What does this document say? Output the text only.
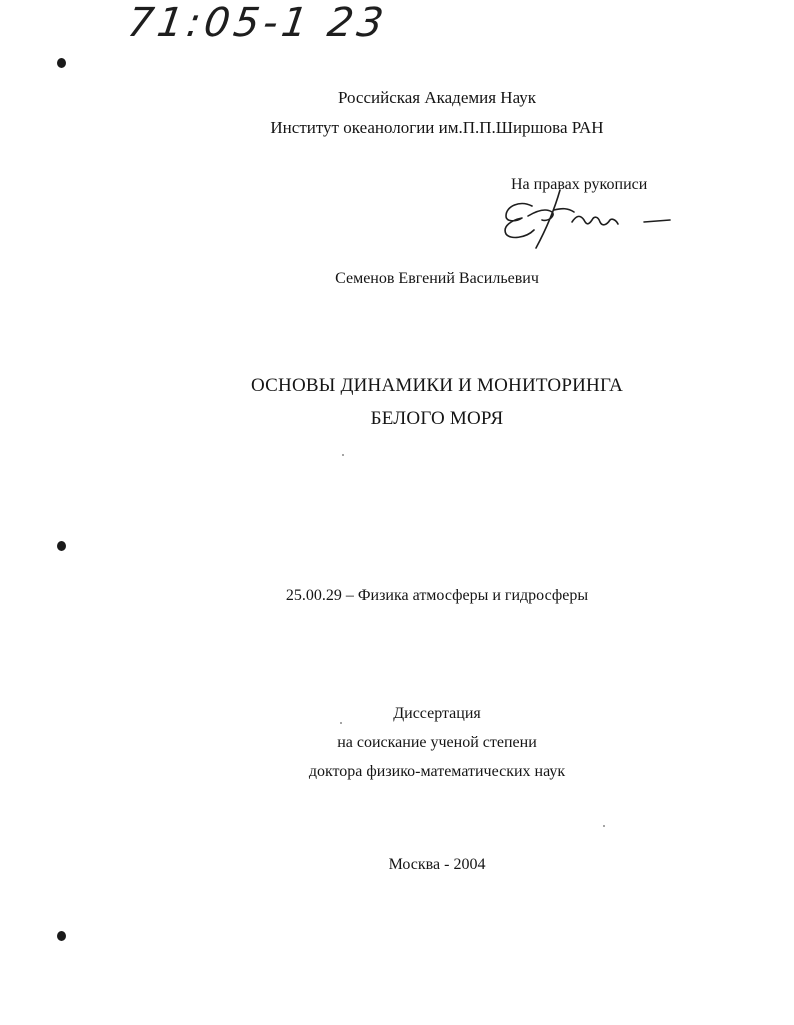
71:05-1 23
Российская Академия Наук
Институт океанологии им.П.П.Ширшова РАН
На правах рукописи
Семенов Евгений Васильевич
ОСНОВЫ ДИНАМИКИ И МОНИТОРИНГА
БЕЛОГО МОРЯ
25.00.29 – Физика атмосферы и гидросферы
Диссертация
на соискание ученой степени
доктора физико-математических наук
Москва - 2004
